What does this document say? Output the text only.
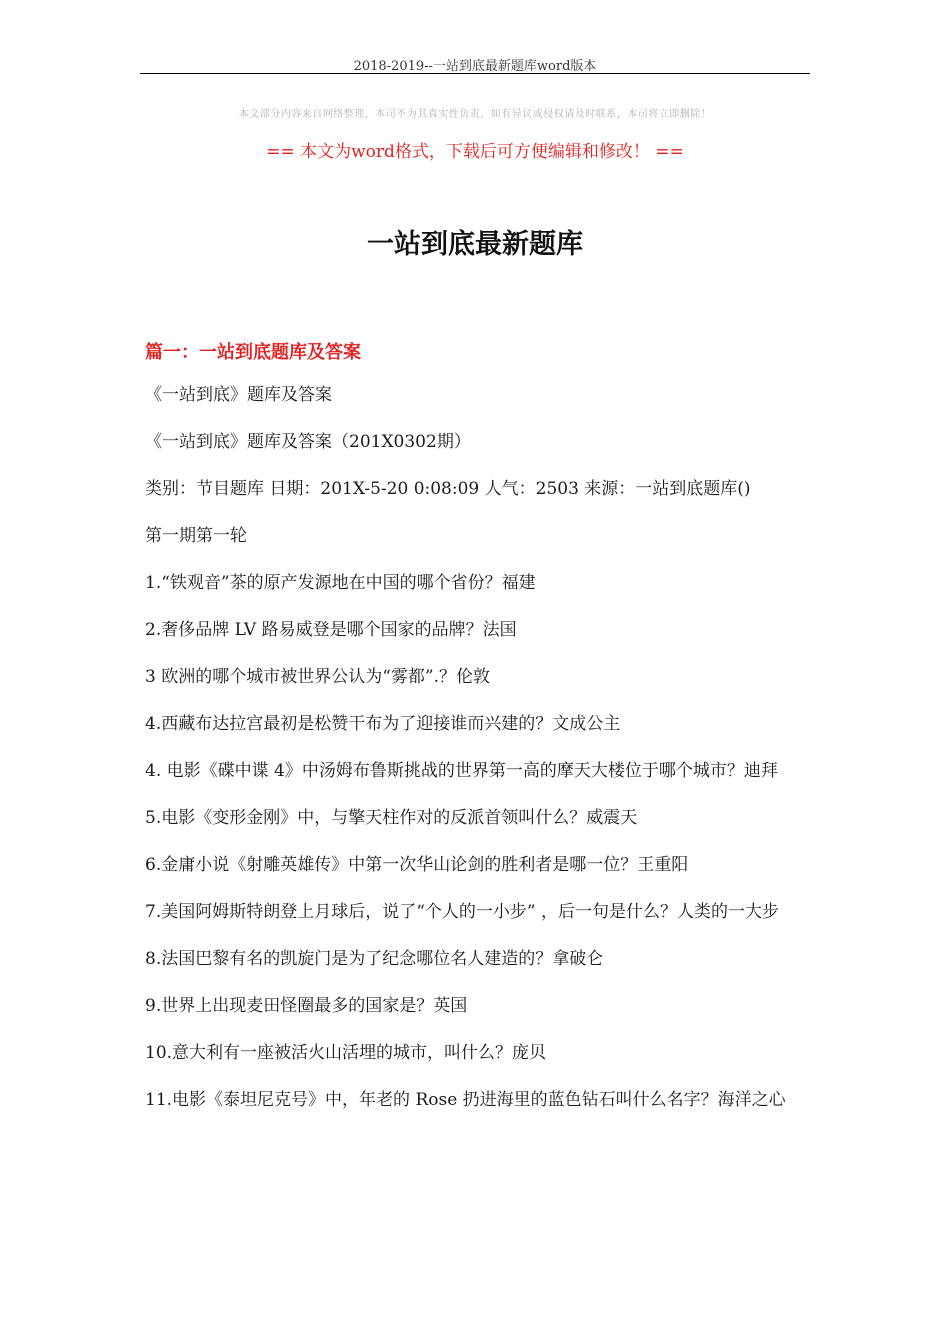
2018-2019--一站到底最新题库word版本
本文部分内容来自网络整理，本司不为其真实性负责，如有异议或侵权请及时联系，本司将立即删除！
== 本文为word格式，下载后可方便编辑和修改！ ==
一站到底最新题库
篇一：一站到底题库及答案

《一站到底》题库及答案

《一站到底》题库及答案（201X0302期）

类别：节目题库 日期：201X-5-20 0:08:09 人气：2503 来源：一站到底题库()

第一期第一轮

1.“铁观音”茶的原产发源地在中国的哪个省份？福建

2.奢侈品牌 LV 路易威登是哪个国家的品牌？法国

3 欧洲的哪个城市被世界公认为“雾都”.？伦敦

4.西藏布达拉宫最初是松赞干布为了迎接谁而兴建的？文成公主

4. 电影《碟中谍 4》中汤姆布鲁斯挑战的世界第一高的摩天大楼位于哪个城市？迪拜

5.电影《变形金刚》中，与擎天柱作对的反派首领叫什么？威震天

6.金庸小说《射雕英雄传》中第一次华山论剑的胜利者是哪一位？王重阳

7.美国阿姆斯特朗登上月球后，说了“个人的一小步” ，后一句是什么？人类的一大步

8.法国巴黎有名的凯旋门是为了纪念哪位名人建造的？拿破仑

9.世界上出现麦田怪圈最多的国家是？英国

10.意大利有一座被活火山活埋的城市，叫什么？庞贝

11.电影《泰坦尼克号》中，年老的 Rose 扔进海里的蓝色钻石叫什么名字？海洋之心
